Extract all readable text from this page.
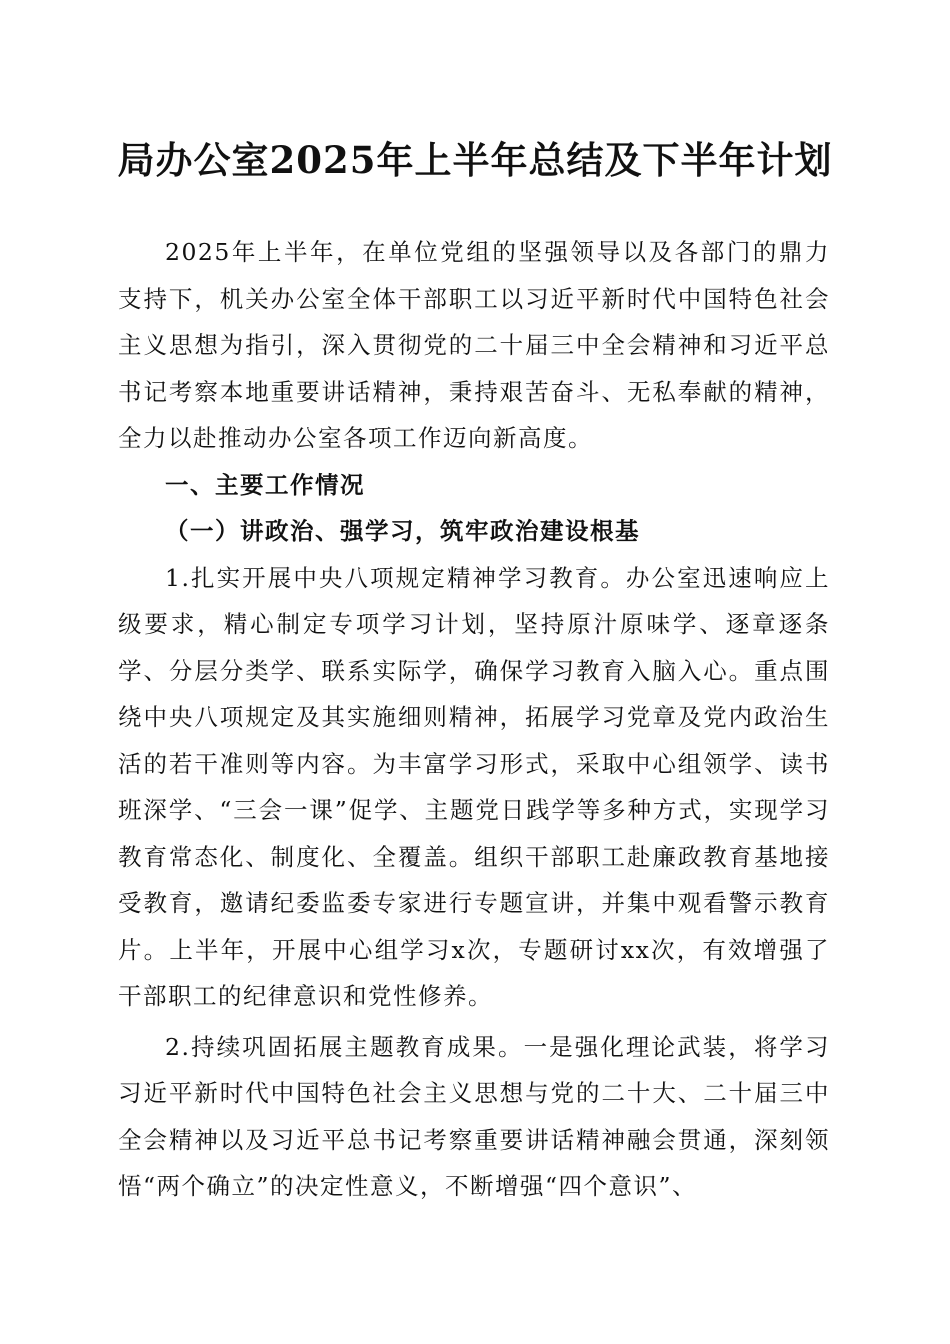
局办公室2025年上半年总结及下半年计划

2025年上半年，在单位党组的坚强领导以及各部门的鼎力支持下，机关办公室全体干部职工以习近平新时代中国特色社会主义思想为指引，深入贯彻党的二十届三中全会精神和习近平总书记考察本地重要讲话精神，秉持艰苦奋斗、无私奉献的精神，全力以赴推动办公室各项工作迈向新高度。

一、主要工作情况

（一）讲政治、强学习，筑牢政治建设根基

1.扎实开展中央八项规定精神学习教育。办公室迅速响应上级要求，精心制定专项学习计划，坚持原汁原味学、逐章逐条学、分层分类学、联系实际学，确保学习教育入脑入心。重点围绕中央八项规定及其实施细则精神，拓展学习党章及党内政治生活的若干准则等内容。为丰富学习形式，采取中心组领学、读书班深学、“三会一课”促学、主题党日践学等多种方式，实现学习教育常态化、制度化、全覆盖。组织干部职工赴廉政教育基地接受教育，邀请纪委监委专家进行专题宣讲，并集中观看警示教育片。上半年，开展中心组学习x次，专题研讨xx次，有效增强了干部职工的纪律意识和党性修养。

2.持续巩固拓展主题教育成果。一是强化理论武装，将学习习近平新时代中国特色社会主义思想与党的二十大、二十届三中全会精神以及习近平总书记考察重要讲话精神融会贯通，深刻领悟“两个确立”的决定性意义，不断增强“四个意识”、
